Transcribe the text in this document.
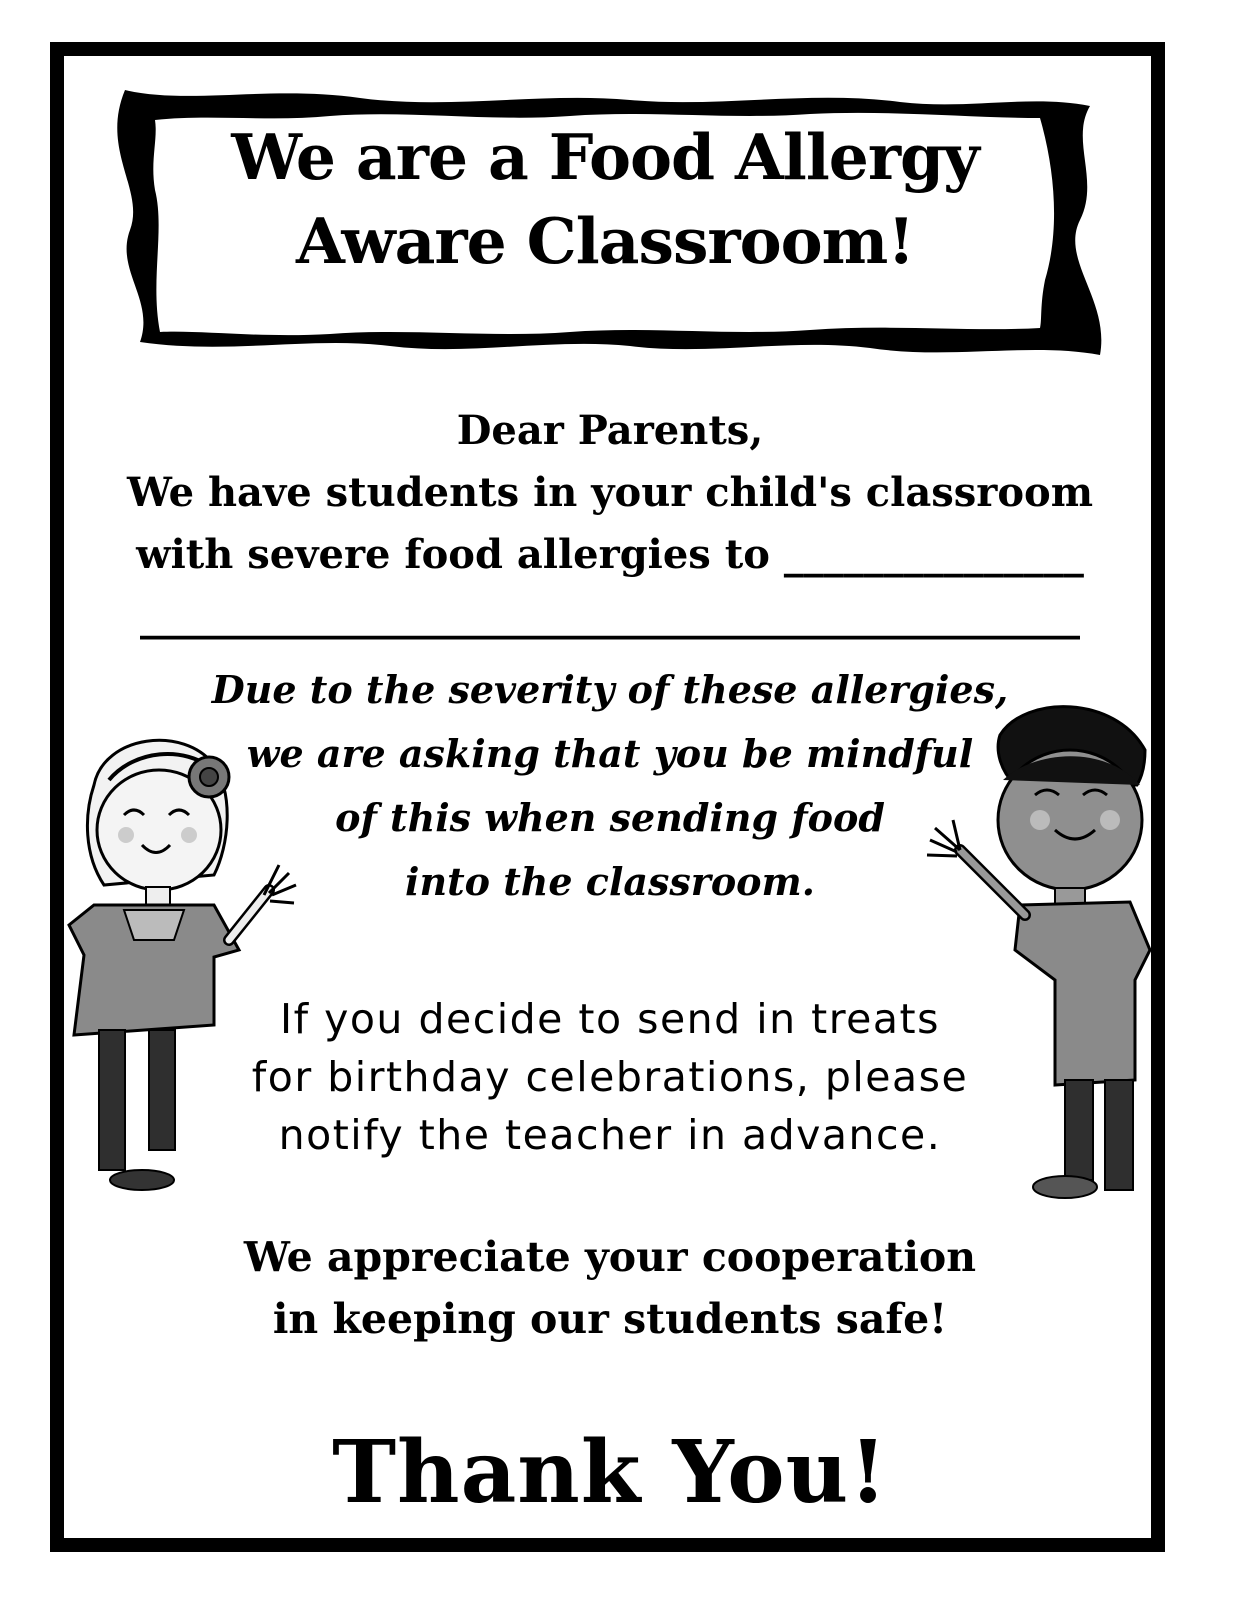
We are a Food Allergy
Aware Classroom!
Dear Parents,
We have students in your child's classroom
with severe food allergies to _______________
_______________________________________________
Due to the severity of these allergies,
we are asking that you be mindful
of this when sending food
into the classroom.
If you decide to send in treats
for birthday celebrations, please
notify the teacher in advance.
We appreciate your cooperation
in keeping our students safe!
Thank You!
